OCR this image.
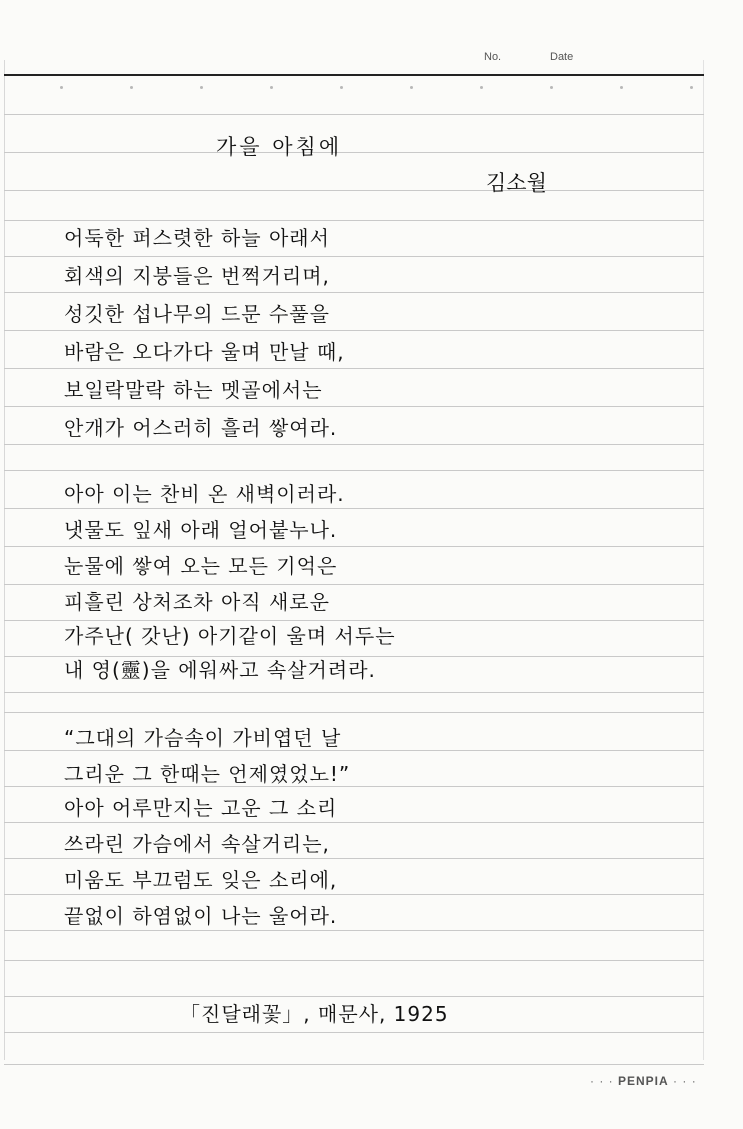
No.	Date
가을 아침에
김소월
어둑한 퍼스렷한 하늘 아래서
회색의 지붕들은 번쩍거리며,
성깃한 섭나무의 드문 수풀을
바람은 오다가다 울며 만날 때,
보일락말락 하는 멧골에서는
안개가 어스러히 흘러 쌓여라.
아아 이는 찬비 온 새벽이러라.
냇물도 잎새 아래 얼어붙누나.
눈물에 쌓여 오는 모든 기억은
피흘린 상처조차 아직 새로운
가주난( 갓난) 아기같이 울며 서두는
내 영(靈)을 에워싸고 속살거려라.
“그대의 가슴속이 가비엽던 날
그리운 그 한때는 언제였었노!”
아아 어루만지는 고운 그 소리
쓰라린 가슴에서 속살거리는,
미움도 부끄럼도 잊은 소리에,
끝없이 하염없이 나는 울어라.
「진달래꽃」, 매문사, 1925
· · · PENPIA · · ·
